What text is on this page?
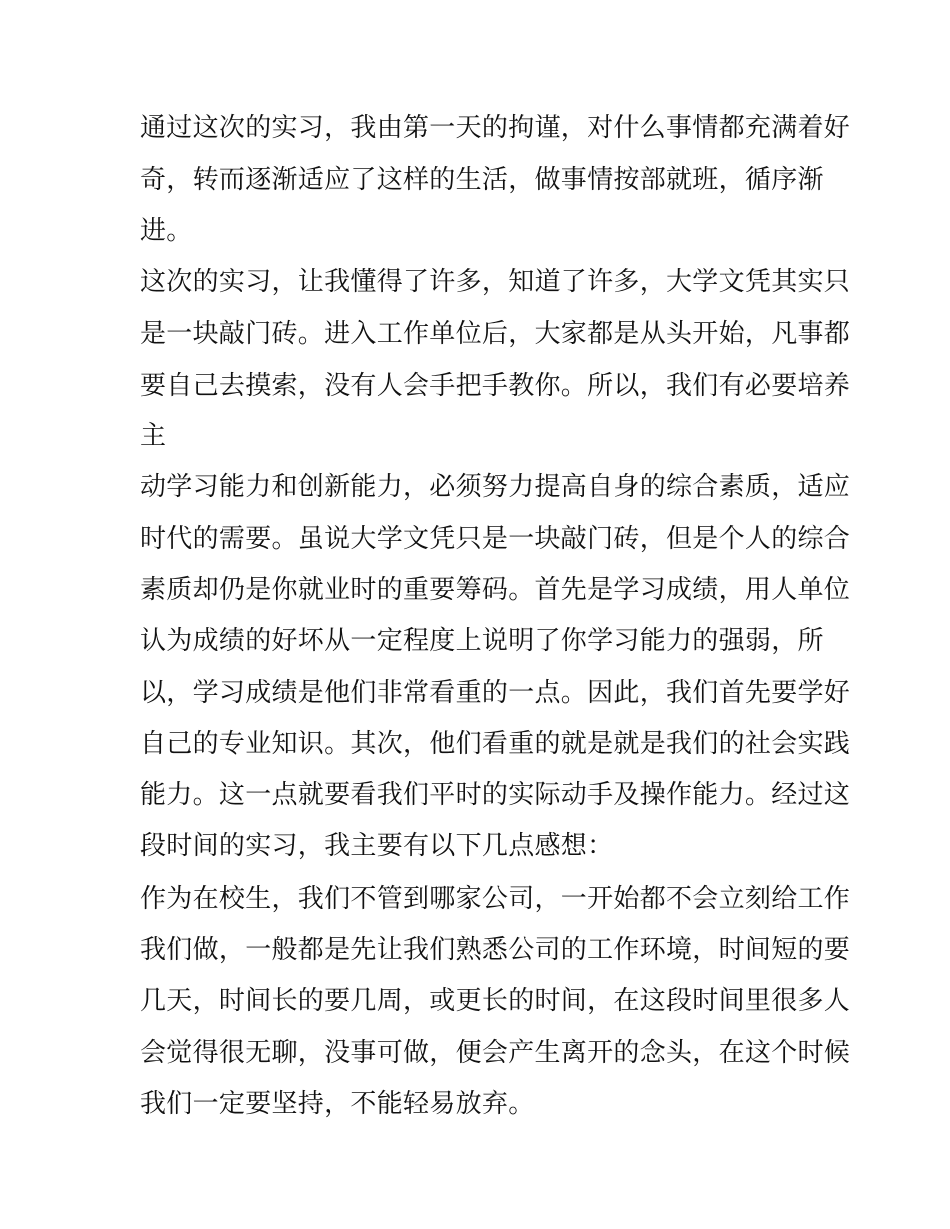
通过这次的实习，我由第一天的拘谨，对什么事情都充满着好
奇，转而逐渐适应了这样的生活，做事情按部就班，循序渐
进。
这次的实习，让我懂得了许多，知道了许多，大学文凭其实只
是一块敲门砖。进入工作单位后，大家都是从头开始，凡事都
要自己去摸索，没有人会手把手教你。所以，我们有必要培养
主
动学习能力和创新能力，必须努力提高自身的综合素质，适应
时代的需要。虽说大学文凭只是一块敲门砖，但是个人的综合
素质却仍是你就业时的重要筹码。首先是学习成绩，用人单位
认为成绩的好坏从一定程度上说明了你学习能力的强弱，所
以，学习成绩是他们非常看重的一点。因此，我们首先要学好
自己的专业知识。其次，他们看重的就是就是我们的社会实践
能力。这一点就要看我们平时的实际动手及操作能力。经过这
段时间的实习，我主要有以下几点感想：
作为在校生，我们不管到哪家公司，一开始都不会立刻给工作
我们做，一般都是先让我们熟悉公司的工作环境，时间短的要
几天，时间长的要几周，或更长的时间，在这段时间里很多人
会觉得很无聊，没事可做，便会产生离开的念头，在这个时候
我们一定要坚持，不能轻易放弃。
